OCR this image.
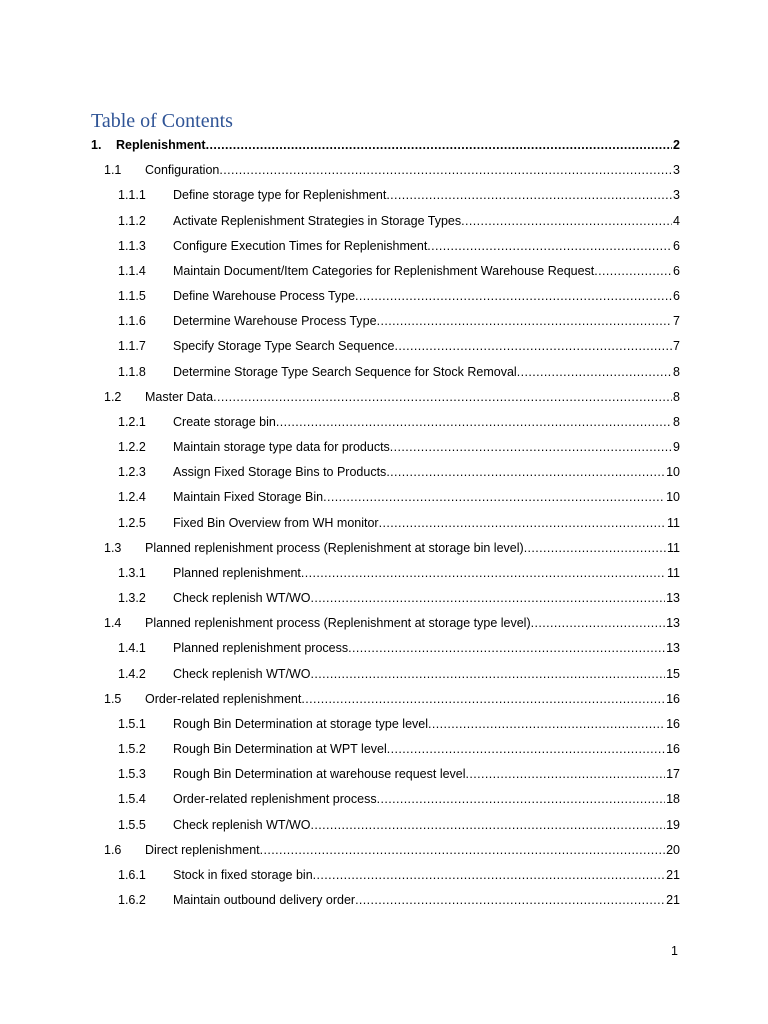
Table of Contents
1.	Replenishment .....	2
1.1	Configuration .....	3
1.1.1	Define storage type for Replenishment .....	3
1.1.2	Activate Replenishment Strategies in Storage Types .....	4
1.1.3	Configure Execution Times for Replenishment .....	6
1.1.4	Maintain Document/Item Categories for Replenishment Warehouse Request .....	6
1.1.5	Define Warehouse Process Type .....	6
1.1.6	Determine Warehouse Process Type .....	7
1.1.7	Specify Storage Type Search Sequence .....	7
1.1.8	Determine Storage Type Search Sequence for Stock Removal .....	8
1.2	Master Data .....	8
1.2.1	Create storage bin .....	8
1.2.2	Maintain storage type data for products .....	9
1.2.3	Assign Fixed Storage Bins to Products .....	10
1.2.4	Maintain Fixed Storage Bin .....	10
1.2.5	Fixed Bin Overview from WH monitor .....	11
1.3	Planned replenishment process (Replenishment at storage bin level) .....	11
1.3.1	Planned replenishment .....	11
1.3.2	Check replenish WT/WO .....	13
1.4	Planned replenishment process (Replenishment at storage type level) .....	13
1.4.1	Planned replenishment process .....	13
1.4.2	Check replenish WT/WO .....	15
1.5	Order-related replenishment .....	16
1.5.1	Rough Bin Determination at storage type level .....	16
1.5.2	Rough Bin Determination at WPT level .....	16
1.5.3	Rough Bin Determination at warehouse request level .....	17
1.5.4	Order-related replenishment process .....	18
1.5.5	Check replenish WT/WO .....	19
1.6	Direct replenishment .....	20
1.6.1	Stock in fixed storage bin .....	21
1.6.2	Maintain outbound delivery order .....	21
1
